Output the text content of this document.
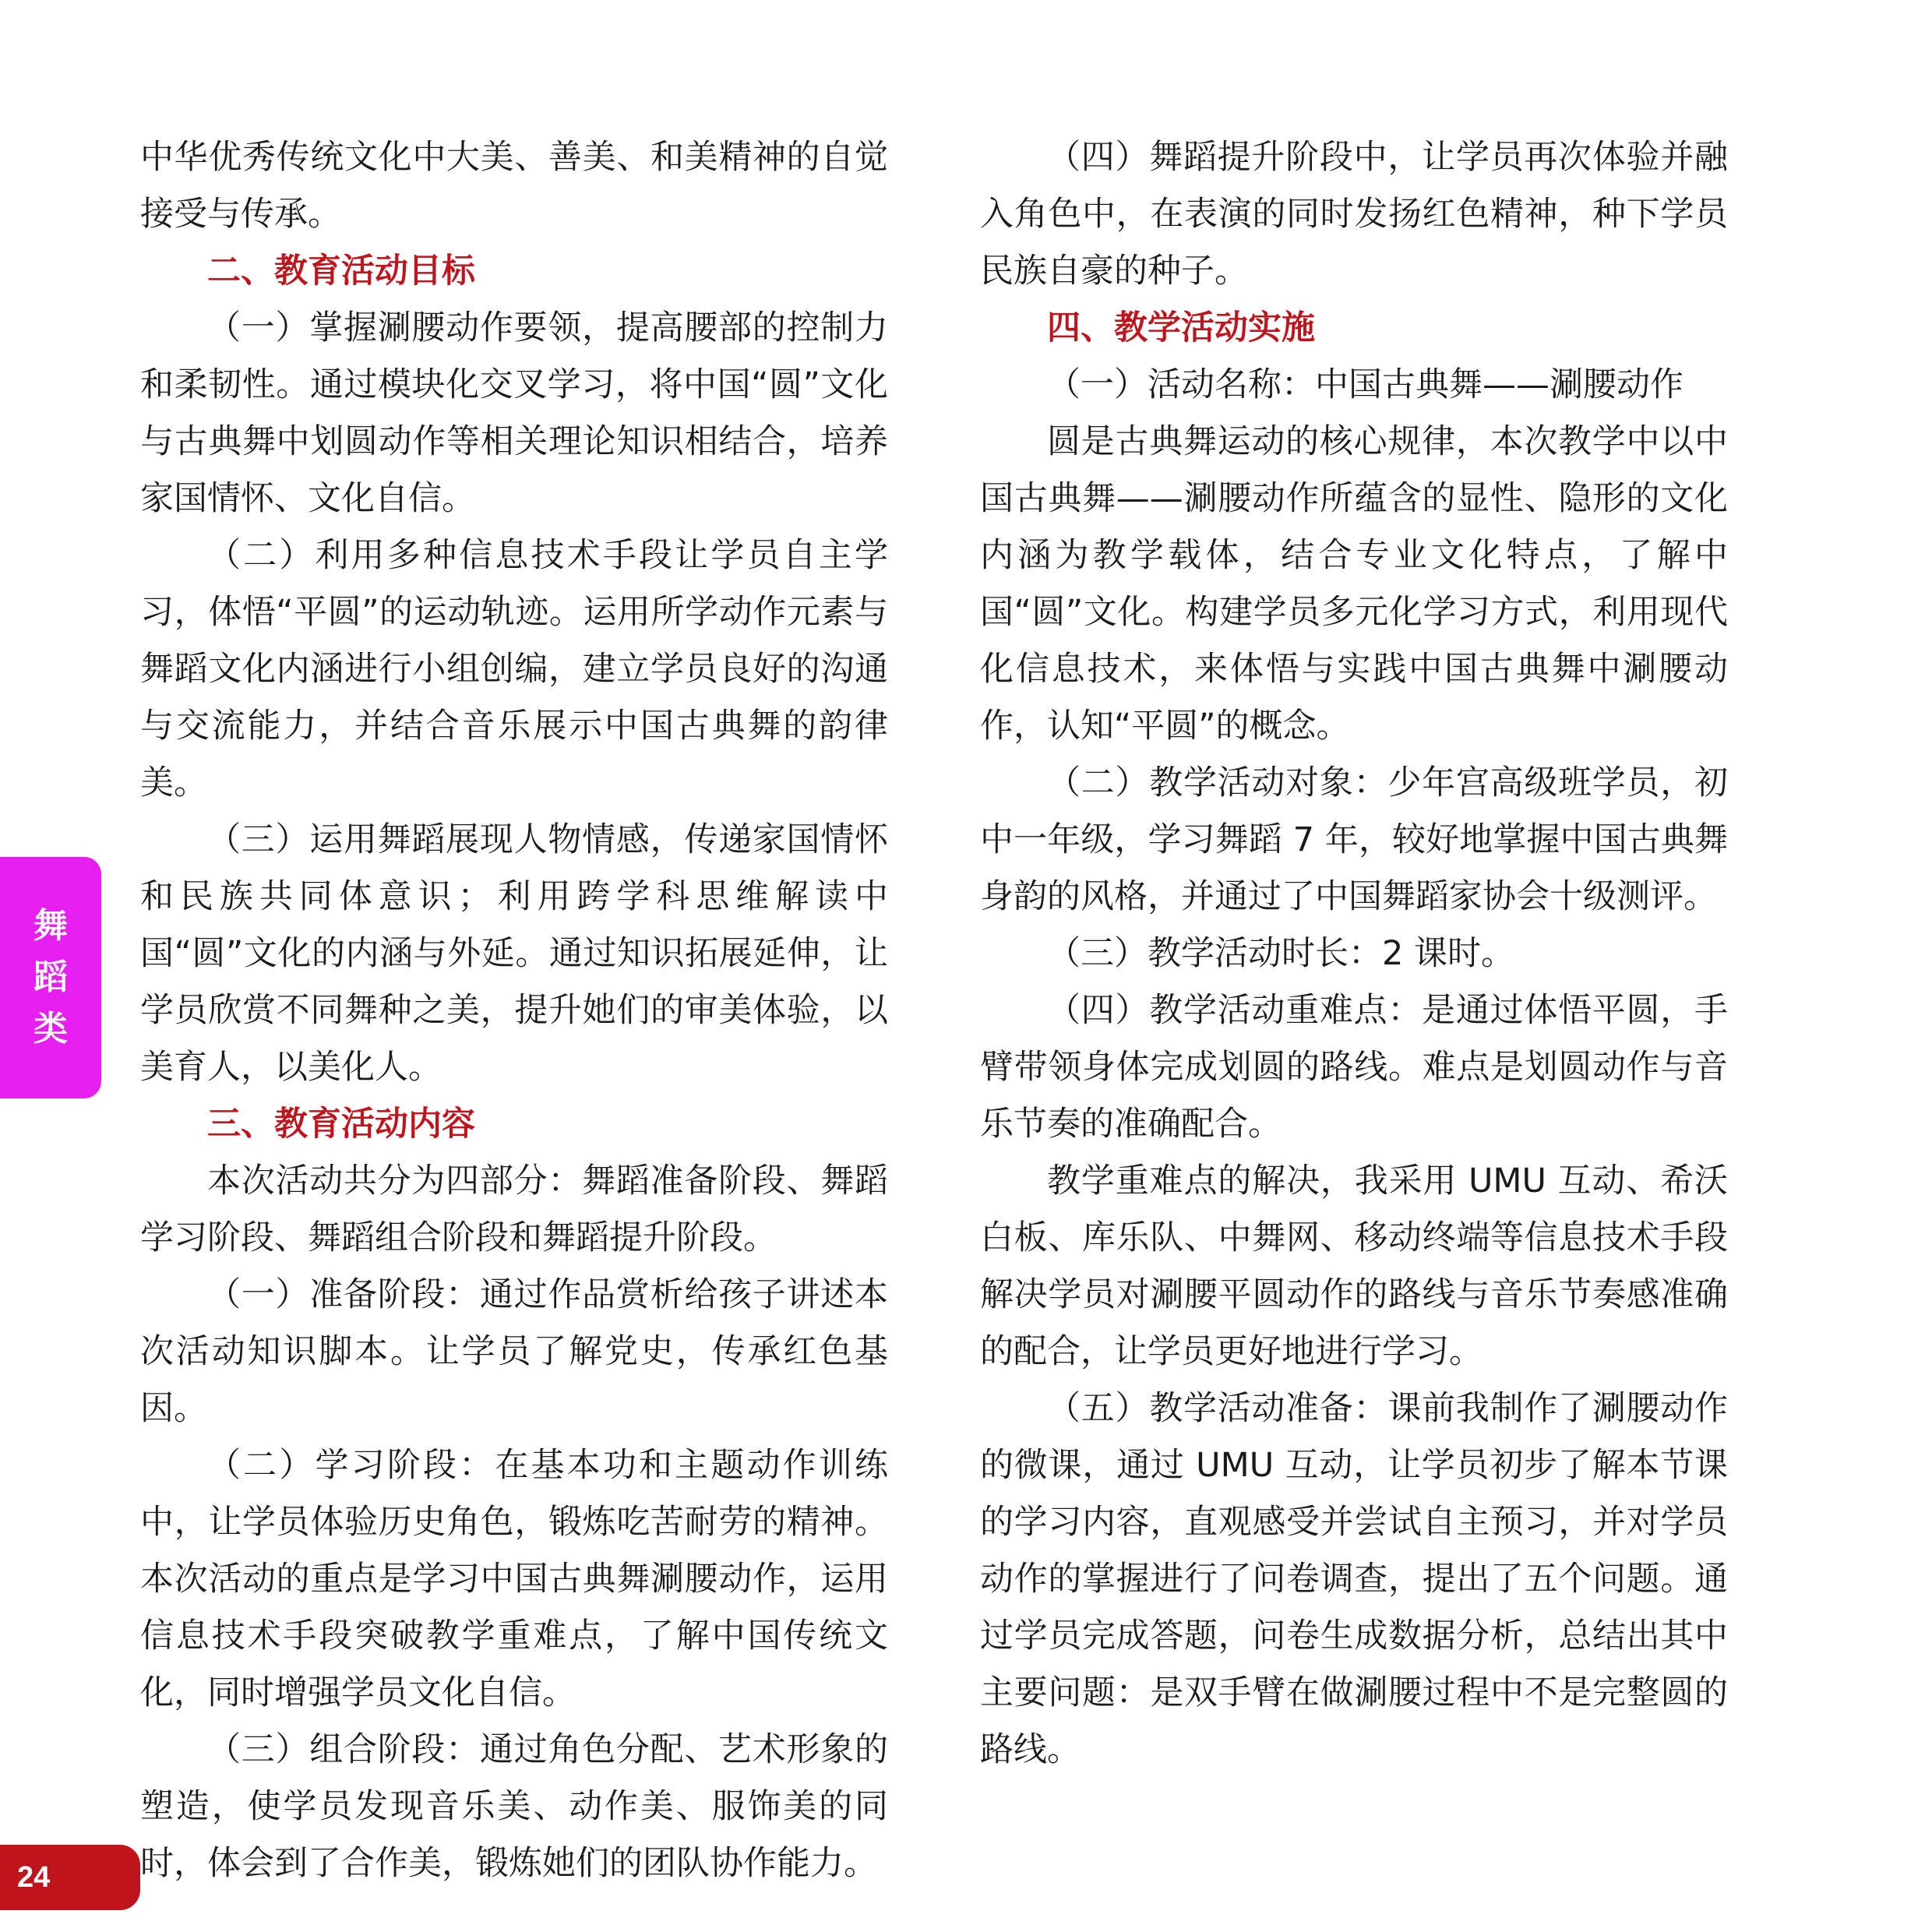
中华优秀传统文化中大美、善美、和美精神的自觉接受与传承。

二、教育活动目标

（一）掌握涮腰动作要领，提高腰部的控制力和柔韧性。通过模块化交叉学习，将中国“圆”文化与古典舞中划圆动作等相关理论知识相结合，培养家国情怀、文化自信。

（二）利用多种信息技术手段让学员自主学习，体悟“平圆”的运动轨迹。运用所学动作元素与舞蹈文化内涵进行小组创编，建立学员良好的沟通与交流能力，并结合音乐展示中国古典舞的韵律美。

（三）运用舞蹈展现人物情感，传递家国情怀和民族共同体意识；利用跨学科思维解读中国“圆”文化的内涵与外延。通过知识拓展延伸，让学员欣赏不同舞种之美，提升她们的审美体验，以美育人，以美化人。

三、教育活动内容

本次活动共分为四部分：舞蹈准备阶段、舞蹈学习阶段、舞蹈组合阶段和舞蹈提升阶段。

（一）准备阶段：通过作品赏析给孩子讲述本次活动知识脚本。让学员了解党史，传承红色基因。

（二）学习阶段：在基本功和主题动作训练中，让学员体验历史角色，锻炼吃苦耐劳的精神。本次活动的重点是学习中国古典舞涮腰动作，运用信息技术手段突破教学重难点，了解中国传统文化，同时增强学员文化自信。

（三）组合阶段：通过角色分配、艺术形象的塑造，使学员发现音乐美、动作美、服饰美的同时，体会到了合作美，锻炼她们的团队协作能力。

（四）舞蹈提升阶段中，让学员再次体验并融入角色中，在表演的同时发扬红色精神，种下学员民族自豪的种子。

四、教学活动实施

（一）活动名称：中国古典舞——涮腰动作

圆是古典舞运动的核心规律，本次教学中以中国古典舞——涮腰动作所蕴含的显性、隐形的文化内涵为教学载体，结合专业文化特点，了解中国“圆”文化。构建学员多元化学习方式，利用现代化信息技术，来体悟与实践中国古典舞中涮腰动作，认知“平圆”的概念。

（二）教学活动对象：少年宫高级班学员，初中一年级，学习舞蹈 7 年，较好地掌握中国古典舞身韵的风格，并通过了中国舞蹈家协会十级测评。

（三）教学活动时长：2 课时。

（四）教学活动重难点：是通过体悟平圆，手臂带领身体完成划圆的路线。难点是划圆动作与音乐节奏的准确配合。

教学重难点的解决，我采用 UMU 互动、希沃白板、库乐队、中舞网、移动终端等信息技术手段解决学员对涮腰平圆动作的路线与音乐节奏感准确的配合，让学员更好地进行学习。

（五）教学活动准备：课前我制作了涮腰动作的微课，通过 UMU 互动，让学员初步了解本节课的学习内容，直观感受并尝试自主预习，并对学员动作的掌握进行了问卷调查，提出了五个问题。通过学员完成答题，问卷生成数据分析，总结出其中主要问题：是双手臂在做涮腰过程中不是完整圆的路线。

舞
蹈
类
24
